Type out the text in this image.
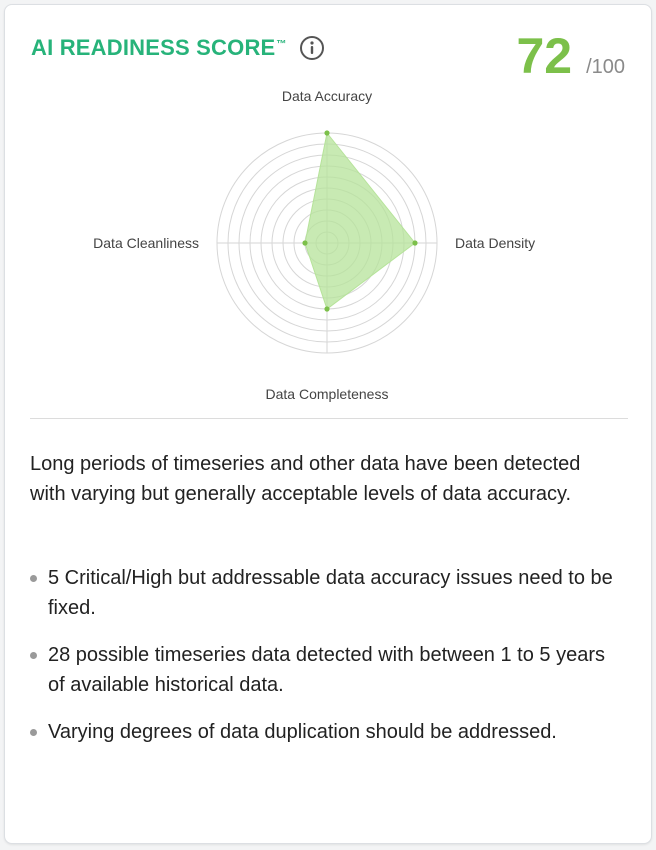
AI READINESS SCORE™	72 /100
Data Accuracy
Data Density
Data Completeness
Data Cleanliness

Long periods of timeseries and other data have been detected with varying but generally acceptable levels of data accuracy.

5 Critical/High but addressable data accuracy issues need to be fixed.
28 possible timeseries data detected with between 1 to 5 years of available historical data.
Varying degrees of data duplication should be addressed.
